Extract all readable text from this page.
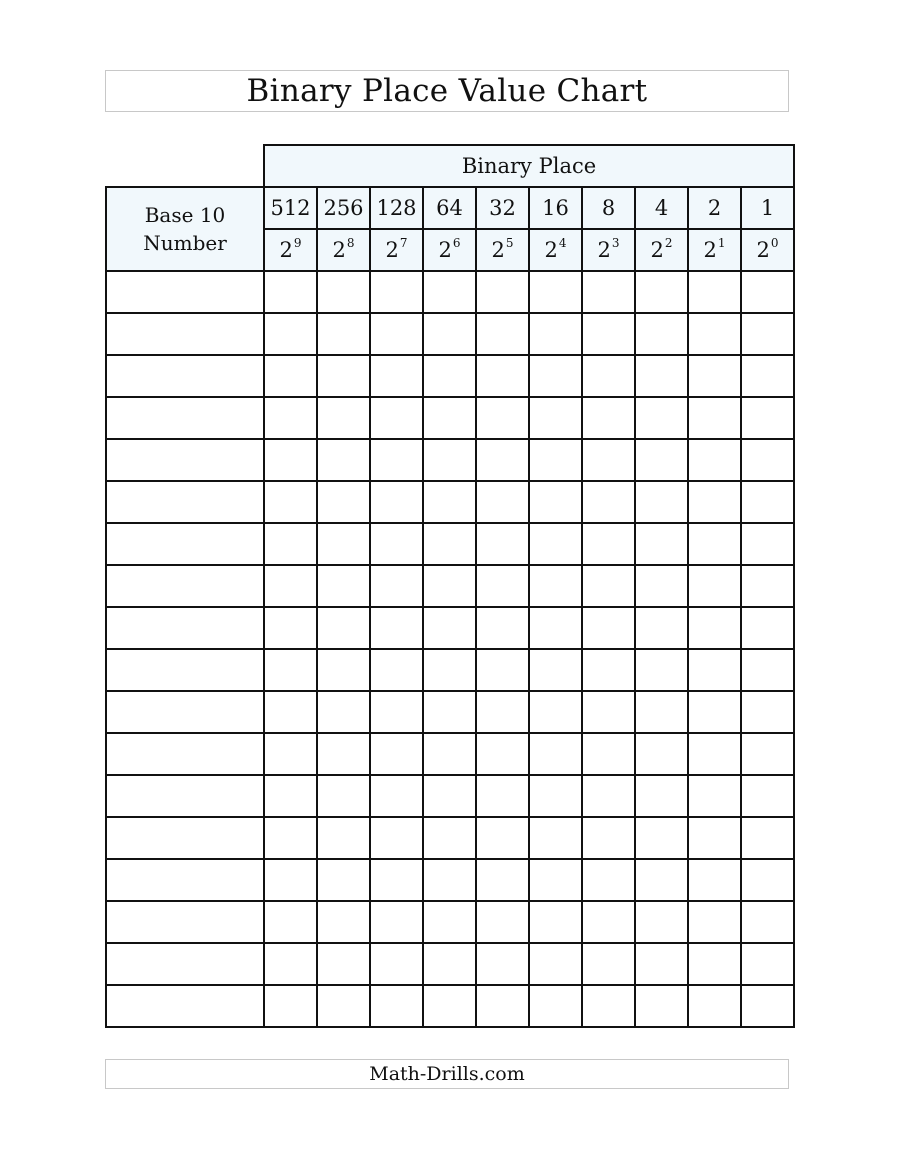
Binary Place Value Chart
	Binary Place									

Base 10
Number	512	256	128	64	32	16	8	4	2	1
	$2^9$	$2^8$	$2^7$	$2^6$	$2^5$	$2^4$	$2^3$	$2^2$	$2^1$	$2^0$

Math-Drills.com
